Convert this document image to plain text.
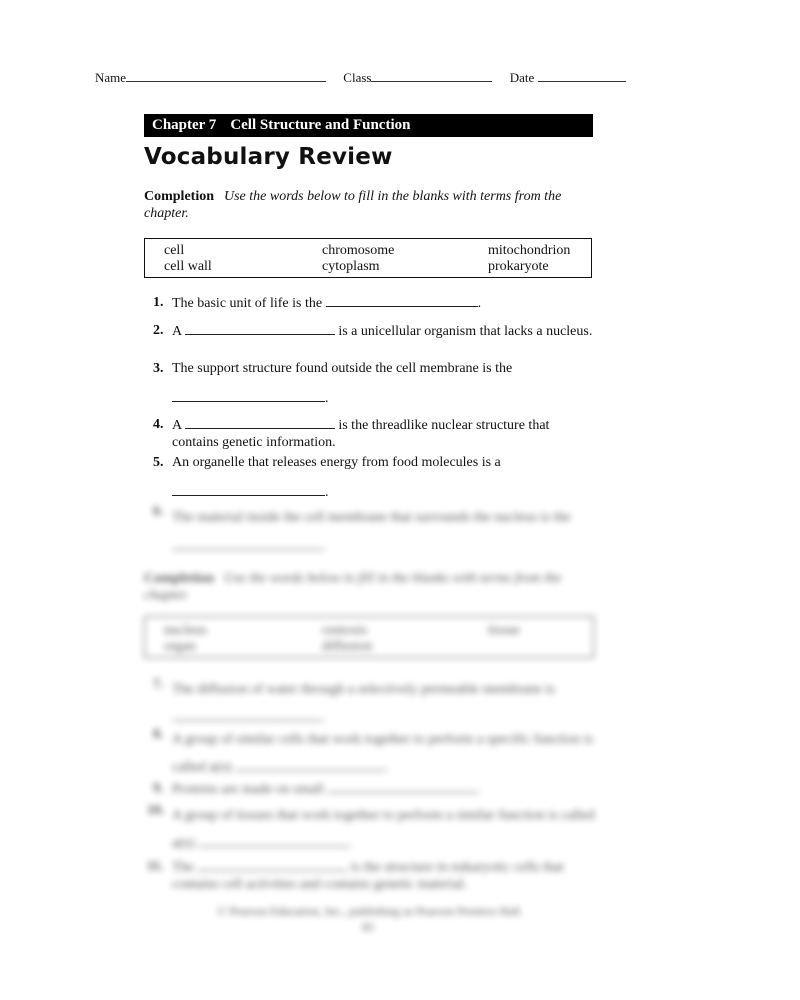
Name	Class	Date
Chapter 7 Cell Structure and Function
Vocabulary Review
Completion Use the words below to fill in the blanks with terms from the chapter.
cell	chromosome	mitochondrion
cell wall	cytoplasm	prokaryote
1. The basic unit of life is the	.
2. A	is a unicellular organism that lacks a nucleus.
3. The support structure found outside the cell membrane is the
.
4. A	is the threadlike nuclear structure that contains genetic information.
5. An organelle that releases energy from food molecules is a
.
6. The material inside the cell membrane that surrounds the nucleus is the .
Completion Use the words below to fill in the blanks with terms from the chapter.
nucleus	osmosis	tissue
organ	diffusion
7. The diffusion of water through a selectively permeable membrane is .
8. A group of similar cells that work together to perform a specific function is called a(n)	.
9. Proteins are made on small	.
10. A group of tissues that work together to perform a similar function is called a(n)	.
11. The	is the structure in eukaryotic cells that contains cell activities and contains genetic material.
© Pearson Education, Inc., publishing as Pearson Prentice Hall.
85
